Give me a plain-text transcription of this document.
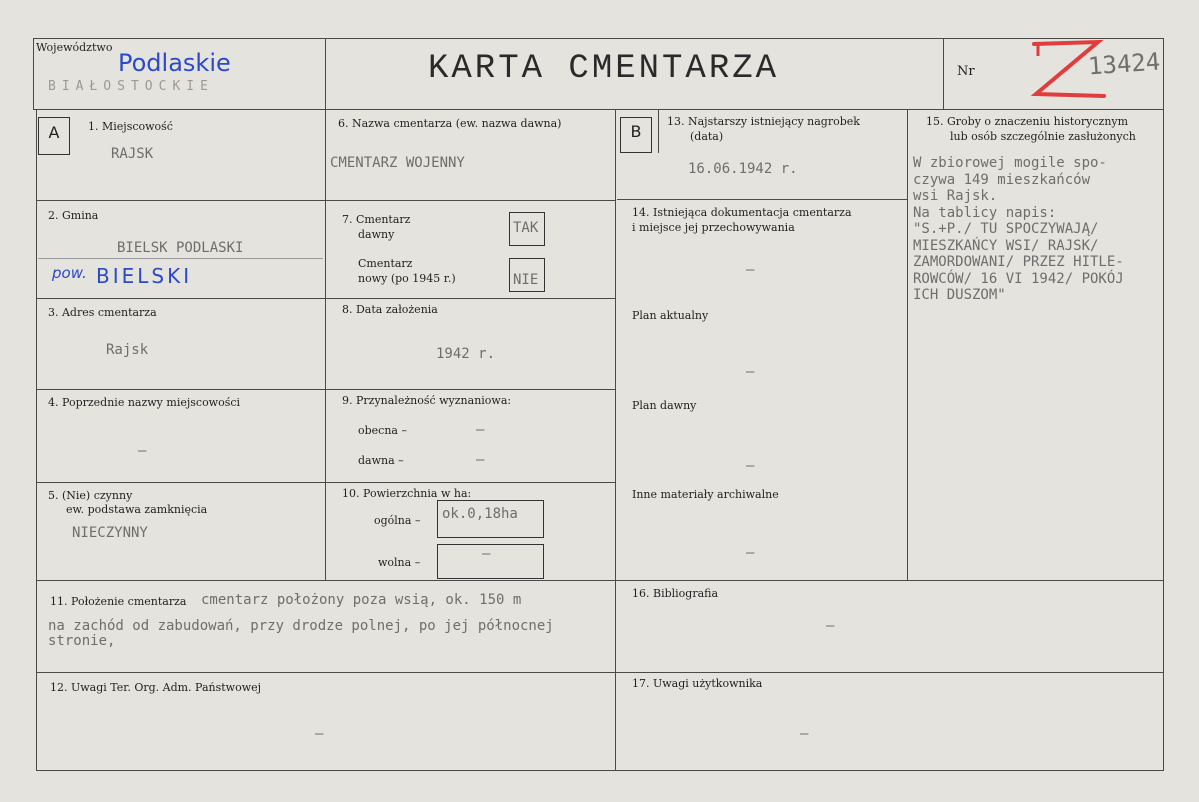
Województwo
Podlaskie
BIAŁOSTOCKIE	KARTA CMENTARZA	Nr	13424
A	1. Miejscowość
RAJSK
2. Gmina
BIELSK PODLASKI
pow. BIELSKI
3. Adres cmentarza
Rajsk
4. Poprzednie nazwy miejscowości
–
5. (Nie) czynny
ew. podstawa zamknięcia
NIECZYNNY
6. Nazwa cmentarza (ew. nazwa dawna)
CMENTARZ WOJENNY
7. Cmentarz
dawny	TAK
Cmentarz
nowy (po 1945 r.)	NIE
8. Data założenia
1942 r.
9. Przynależność wyznaniowa:
obecna –	–
dawna –	–
10. Powierzchnia w ha:
ogólna – ok.0,18ha
wolna –
–
B
13. Najstarszy istniejący nagrobek
(data)
16.06.1942 r.
14. Istniejąca dokumentacja cmentarza
i miejsce jej przechowywania
–
Plan aktualny
–
Plan dawny
–
Inne materiały archiwalne
–
15. Groby o znaczeniu historycznym
lub osób szczególnie zasłużonych
W zbiorowej mogile spo-
czywa 149 mieszkańców
wsi Rajsk.
Na tablicy napis:
"S.+P./ TU SPOCZYWAJĄ/
MIESZKAŃCY WSI/ RAJSK/
ZAMORDOWANI/ PRZEZ HITLE-
ROWCÓW/ 16 VI 1942/ POKÓJ
ICH DUSZOM"
11. Położenie cmentarza cmentarz położony poza wsią, ok. 150 m
na zachód od zabudowań, przy drodze polnej, po jej północnej
stronie,
16. Bibliografia
–
12. Uwagi Ter. Org. Adm. Państwowej
–
17. Uwagi użytkownika
–
